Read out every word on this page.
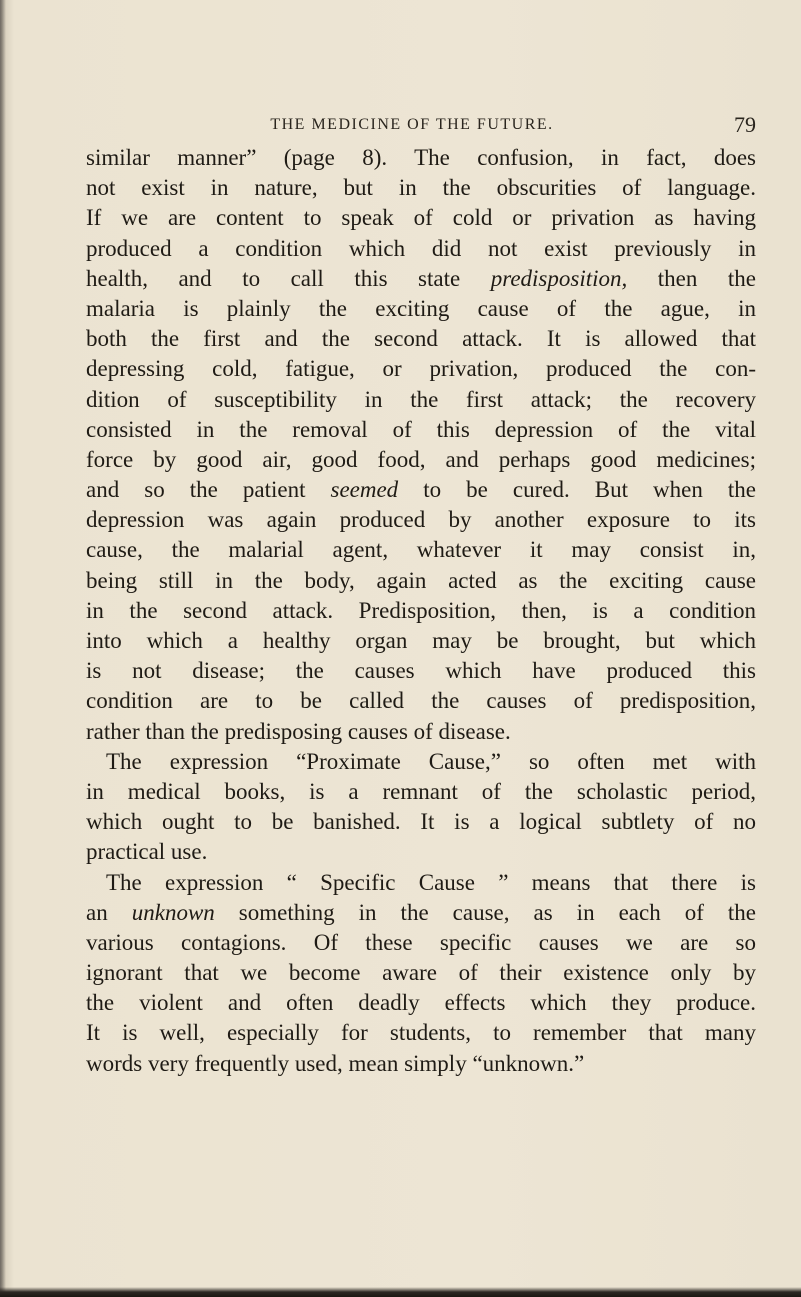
THE MEDICINE OF THE FUTURE.	79
similar manner” (page 8). The confusion, in fact, does
not exist in nature, but in the obscurities of language.
If we are content to speak of cold or privation as having
produced a condition which did not exist previously in
health, and to call this state predisposition, then the
malaria is plainly the exciting cause of the ague, in
both the first and the second attack. It is allowed that
depressing cold, fatigue, or privation, produced the con-
dition of susceptibility in the first attack; the recovery
consisted in the removal of this depression of the vital
force by good air, good food, and perhaps good medicines;
and so the patient seemed to be cured. But when the
depression was again produced by another exposure to its
cause, the malarial agent, whatever it may consist in,
being still in the body, again acted as the exciting cause
in the second attack. Predisposition, then, is a condition
into which a healthy organ may be brought, but which
is not disease; the causes which have produced this
condition are to be called the causes of predisposition,
rather than the predisposing causes of disease.
The expression “Proximate Cause,” so often met with
in medical books, is a remnant of the scholastic period,
which ought to be banished. It is a logical subtlety of no
practical use.
The expression “ Specific Cause ” means that there is
an unknown something in the cause, as in each of the
various contagions. Of these specific causes we are so
ignorant that we become aware of their existence only by
the violent and often deadly effects which they produce.
It is well, especially for students, to remember that many
words very frequently used, mean simply “unknown.”
